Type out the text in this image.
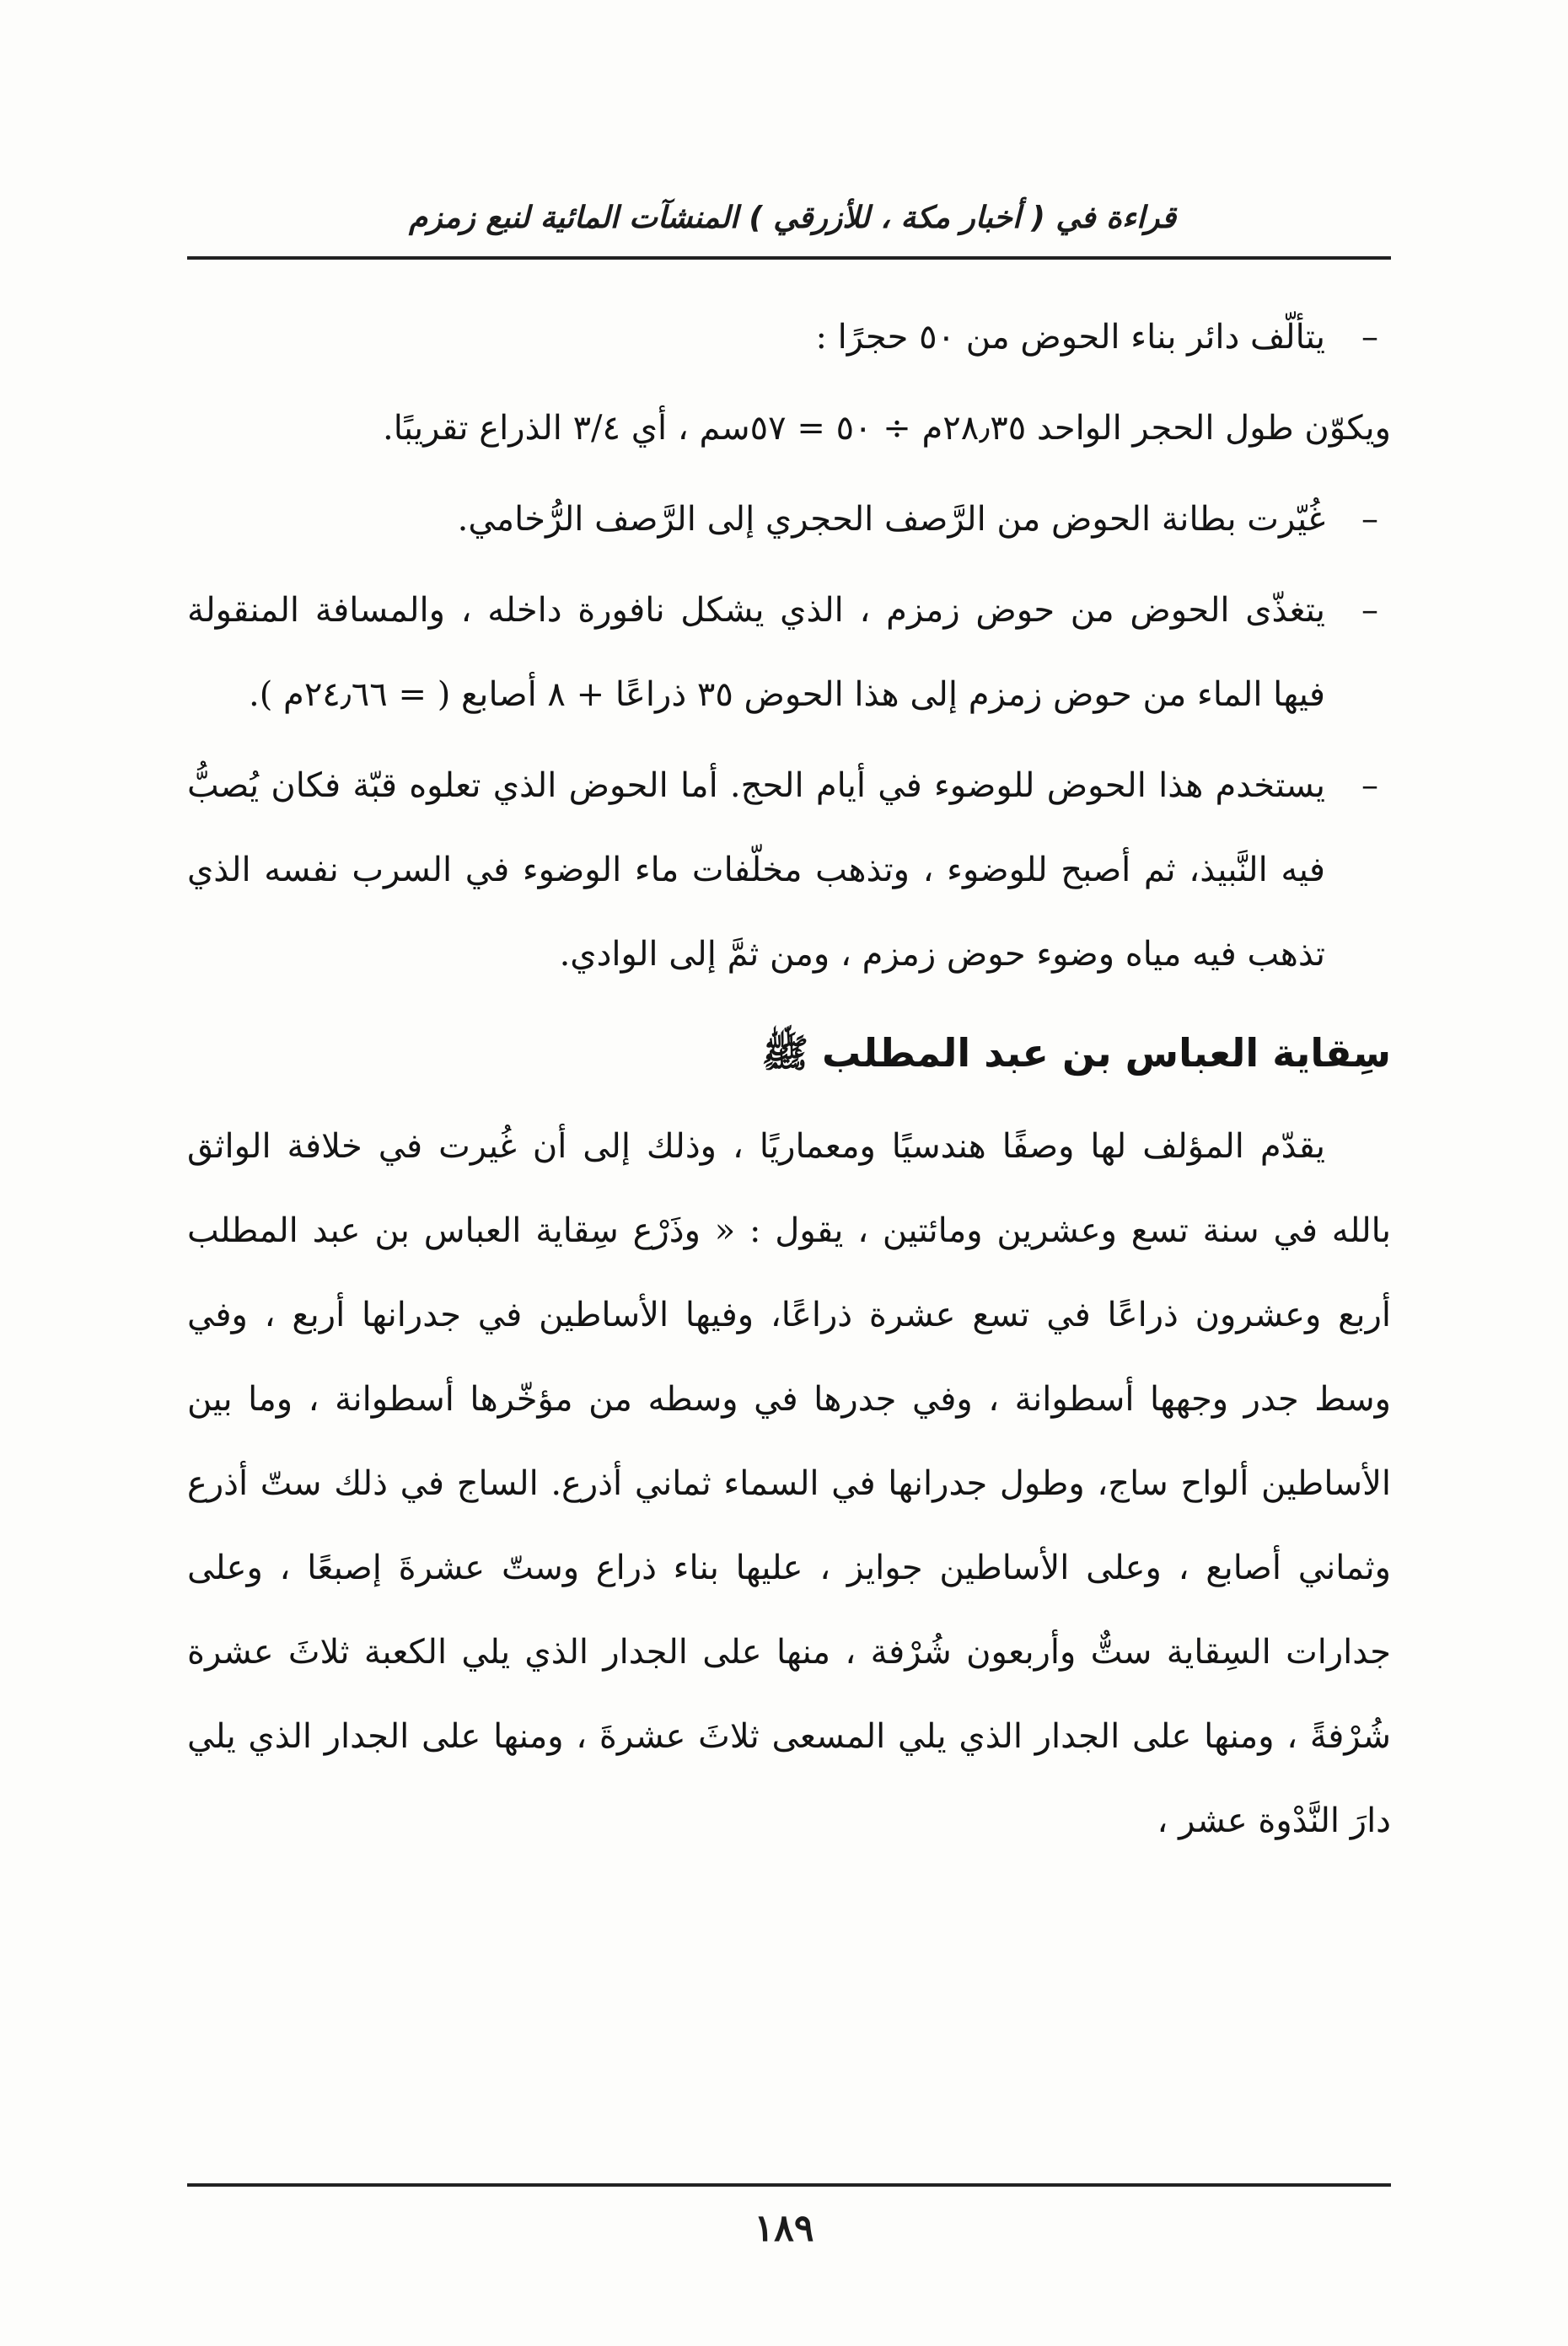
قراءة في ( أخبار مكة ، للأزرقي ) المنشآت المائية لنبع زمزم
–
يتألّف دائر بناء الحوض من ٥٠ حجرًا :
ويكوّن طول الحجر الواحد ٢٨٫٣٥م ÷ ٥٠ = ٥٧سم ، أي ٣/٤ الذراع تقريبًا.
–
غُيّرت بطانة الحوض من الرَّصف الحجري إلى الرَّصف الرُّخامي.
–
يتغذّى الحوض من حوض زمزم ، الذي يشكل نافورة داخله ، والمسافة المنقولة فيها الماء من حوض زمزم إلى هذا الحوض ٣٥ ذراعًا + ٨ أصابع ( = ٢٤٫٦٦م ).
–
يستخدم هذا الحوض للوضوء في أيام الحج. أما الحوض الذي تعلوه قبّة فكان يُصبُّ فيه النَّبيذ، ثم أصبح للوضوء ، وتذهب مخلّفات ماء الوضوء في السرب نفسه الذي تذهب فيه مياه وضوء حوض زمزم ، ومن ثمَّ إلى الوادي.
سِقاية العباس بن عبد المطلب ﷺ
يقدّم المؤلف لها وصفًا هندسيًا ومعماريًا ، وذلك إلى أن غُيرت في خلافة الواثق بالله في سنة تسع وعشرين ومائتين ، يقول : « وذَرْع سِقاية العباس بن عبد المطلب أربع وعشرون ذراعًا في تسع عشرة ذراعًا، وفيها الأساطين في جدرانها أربع ، وفي وسط جدر وجهها أسطوانة ، وفي جدرها في وسطه من مؤخّرها أسطوانة ، وما بين الأساطين ألواح ساج، وطول جدرانها في السماء ثماني أذرع. الساج في ذلك ستّ أذرع وثماني أصابع ، وعلى الأساطين جوايز ، عليها بناء ذراع وستّ عشرةَ إصبعًا ، وعلى جدارات السِقاية ستٌّ وأربعون شُرْفة ، منها على الجدار الذي يلي الكعبة ثلاثَ عشرة شُرْفةً ، ومنها على الجدار الذي يلي المسعى ثلاثَ عشرةَ ، ومنها على الجدار الذي يلي دارَ النَّدْوة عشر ،
١٨٩
